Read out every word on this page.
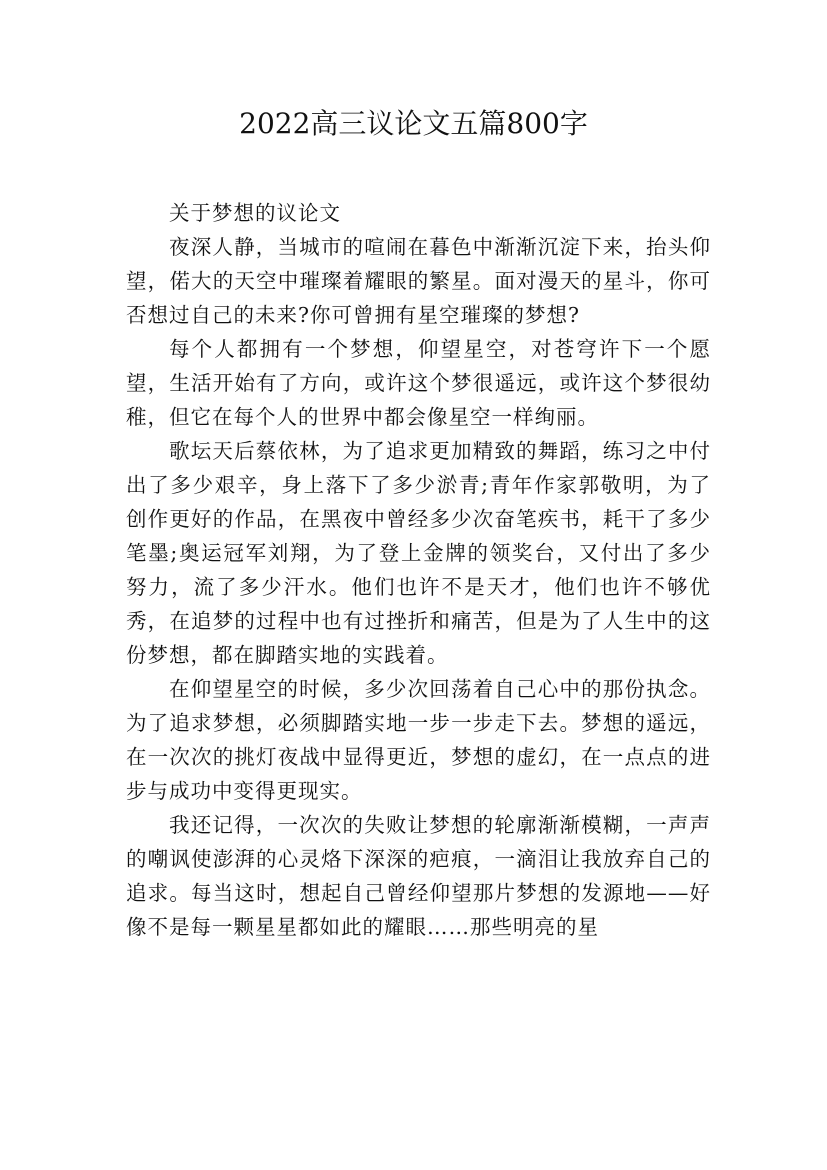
2022高三议论文五篇800字

关于梦想的议论文

夜深人静，当城市的喧闹在暮色中渐渐沉淀下来，抬头仰望，偌大的天空中璀璨着耀眼的繁星。面对漫天的星斗，你可否想过自己的未来?你可曾拥有星空璀璨的梦想?

每个人都拥有一个梦想，仰望星空，对苍穹许下一个愿望，生活开始有了方向，或许这个梦很遥远，或许这个梦很幼稚，但它在每个人的世界中都会像星空一样绚丽。

歌坛天后蔡依林，为了追求更加精致的舞蹈，练习之中付出了多少艰辛，身上落下了多少淤青;青年作家郭敬明，为了创作更好的作品，在黑夜中曾经多少次奋笔疾书，耗干了多少笔墨;奥运冠军刘翔，为了登上金牌的领奖台，又付出了多少努力，流了多少汗水。他们也许不是天才，他们也许不够优秀，在追梦的过程中也有过挫折和痛苦，但是为了人生中的这份梦想，都在脚踏实地的实践着。

在仰望星空的时候，多少次回荡着自己心中的那份执念。为了追求梦想，必须脚踏实地一步一步走下去。梦想的遥远，在一次次的挑灯夜战中显得更近，梦想的虚幻，在一点点的进步与成功中变得更现实。

我还记得，一次次的失败让梦想的轮廓渐渐模糊，一声声的嘲讽使澎湃的心灵烙下深深的疤痕，一滴泪让我放弃自己的追求。每当这时，想起自己曾经仰望那片梦想的发源地——好像不是每一颗星星都如此的耀眼……那些明亮的星
